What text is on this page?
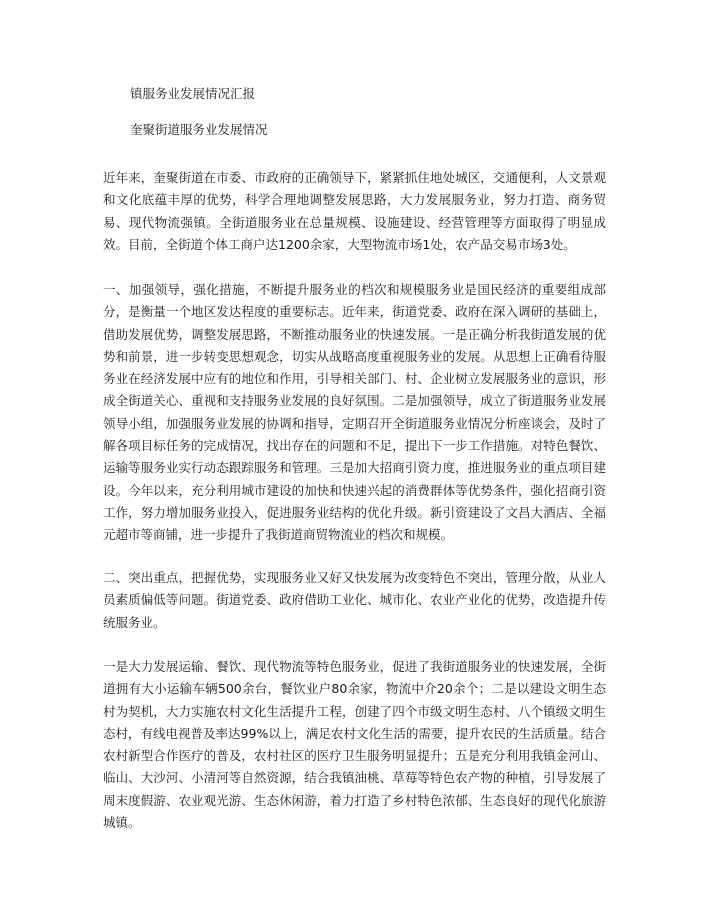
镇服务业发展情况汇报
奎聚街道服务业发展情况

近年来，奎聚街道在市委、市政府的正确领导下，紧紧抓住地处城区，交通便利，人文景观和文化底蕴丰厚的优势，科学合理地调整发展思路，大力发展服务业，努力打造、商务贸易、现代物流强镇。全街道服务业在总量规模、设施建设、经营管理等方面取得了明显成效。目前，全街道个体工商户达1200余家，大型物流市场1处，农产品交易市场3处。

一、加强领导，强化措施，不断提升服务业的档次和规模服务业是国民经济的重要组成部分，是衡量一个地区发达程度的重要标志。近年来，街道党委、政府在深入调研的基础上，借助发展优势，调整发展思路，不断推动服务业的快速发展。一是正确分析我街道发展的优势和前景，进一步转变思想观念，切实从战略高度重视服务业的发展。从思想上正确看待服务业在经济发展中应有的地位和作用，引导相关部门、村、企业树立发展服务业的意识，形成全街道关心、重视和支持服务业发展的良好氛围。二是加强领导，成立了街道服务业发展领导小组，加强服务业发展的协调和指导，定期召开全街道服务业情况分析座谈会，及时了解各项目标任务的完成情况，找出存在的问题和不足，提出下一步工作措施。对特色餐饮、运输等服务业实行动态跟踪服务和管理。三是加大招商引资力度，推进服务业的重点项目建设。今年以来，充分利用城市建设的加快和快速兴起的消费群体等优势条件，强化招商引资工作，努力增加服务业投入，促进服务业结构的优化升级。新引资建设了文昌大酒店、全福元超市等商铺，进一步提升了我街道商贸物流业的档次和规模。

二、突出重点，把握优势，实现服务业又好又快发展为改变特色不突出，管理分散，从业人员素质偏低等问题。街道党委、政府借助工业化、城市化、农业产业化的优势，改造提升传统服务业。

一是大力发展运输、餐饮、现代物流等特色服务业，促进了我街道服务业的快速发展，全街道拥有大小运输车辆500余台，餐饮业户80余家，物流中介20余个；二是以建设文明生态村为契机，大力实施农村文化生活提升工程，创建了四个市级文明生态村、八个镇级文明生态村，有线电视普及率达99%以上，满足农村文化生活的需要，提升农民的生活质量。结合农村新型合作医疗的普及，农村社区的医疗卫生服务明显提升；五是充分利用我镇金河山、临山、大沙河、小清河等自然资源，结合我镇油桃、草莓等特色农产物的种植，引导发展了周末度假游、农业观光游、生态休闲游，着力打造了乡村特色浓郁、生态良好的现代化旅游城镇。
